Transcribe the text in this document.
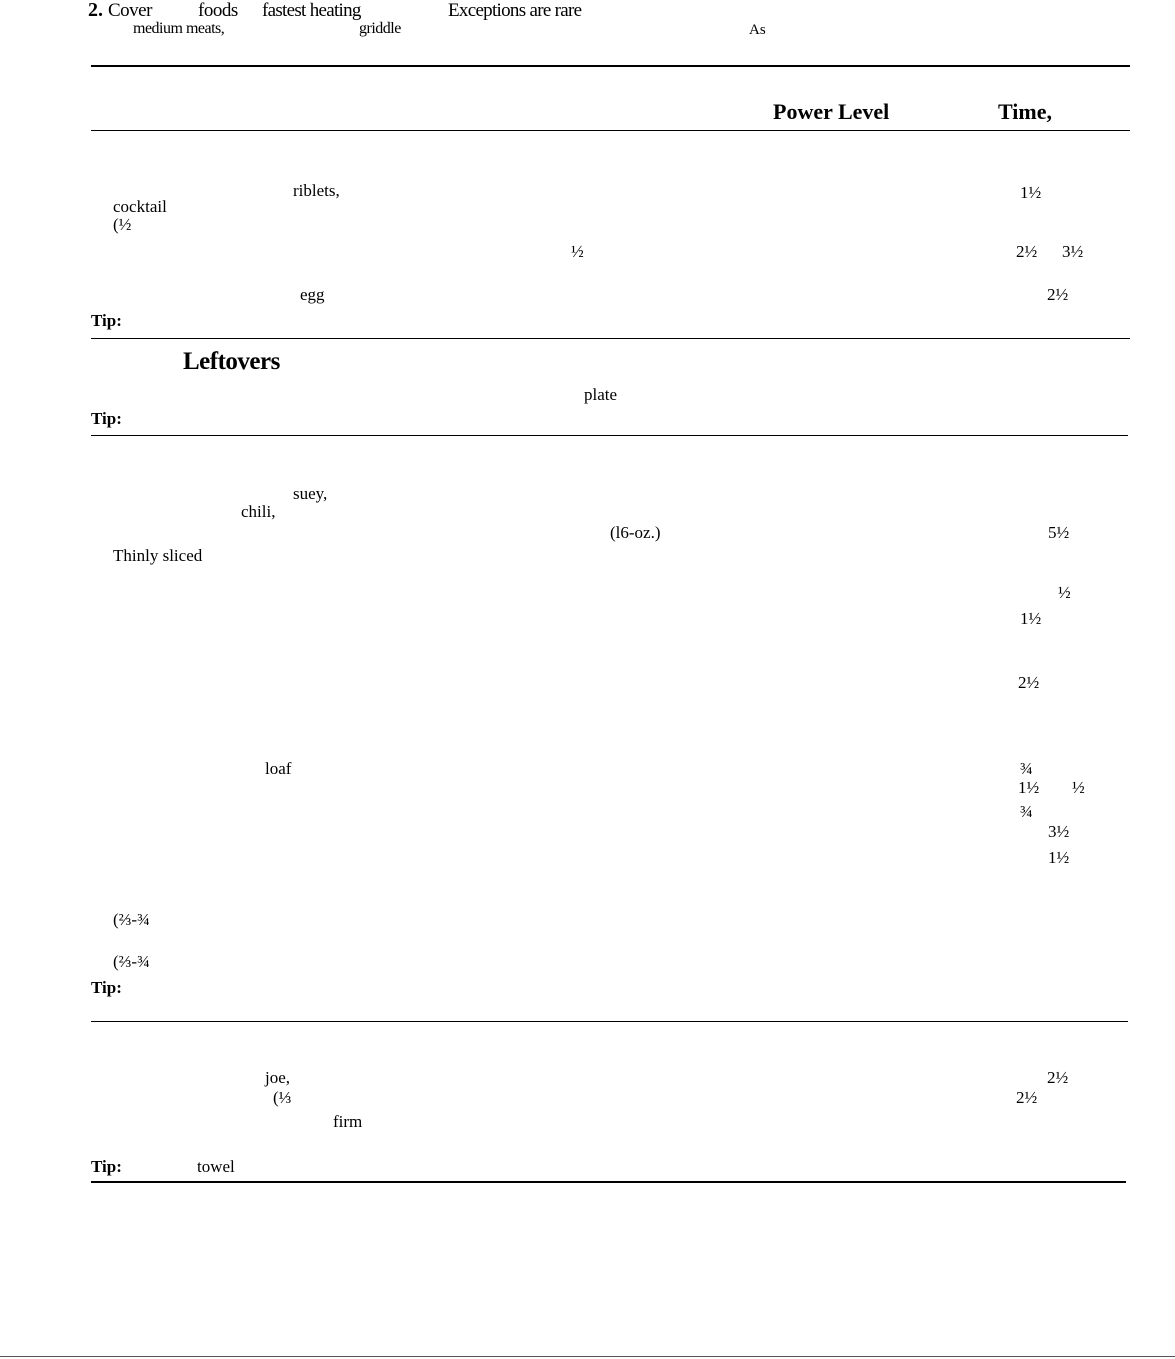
2. Cover foods fastest heating	Exceptions are rare
medium meats,	griddle	As
Power Level	Time,
riblets,	1½
cocktail
(½
½	2½ 3½
egg	2½
Tip:
Leftovers
plate
Tip:
suey,
chili,
(l6-oz.)	5½
Thinly sliced
½
1½
2½
loaf	¾
1½ ½
¾
3½
1½
(⅔-¾
(⅔-¾
Tip:
joe,	2½
(⅓	2½
firm
Tip:	towel
